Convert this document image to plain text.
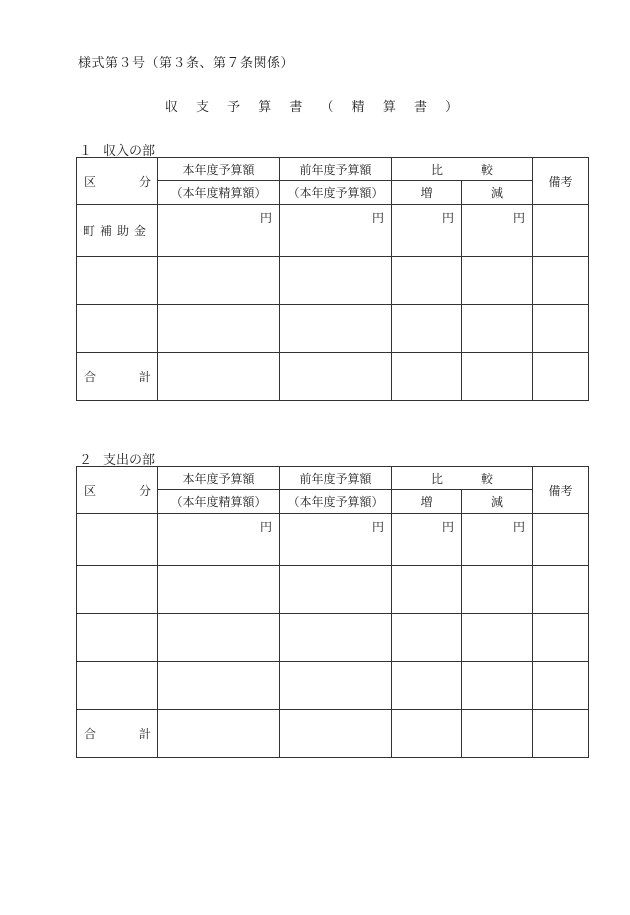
様式第３号（第３条、第７条関係）
収 支 予 算 書 （ 精 算 書 ）
１ 収入の部
区 分	本年度予算額	前年度予算額	比較		備考
	（本年度精算額）	（本年度予算額）	増	減	
町補助金	円	円	円	円	

合 計					

２ 支出の部
区 分	本年度予算額	前年度予算額	比較		備考
	（本年度精算額）	（本年度予算額）	増	減	
	円	円	円	円	

合 計					
